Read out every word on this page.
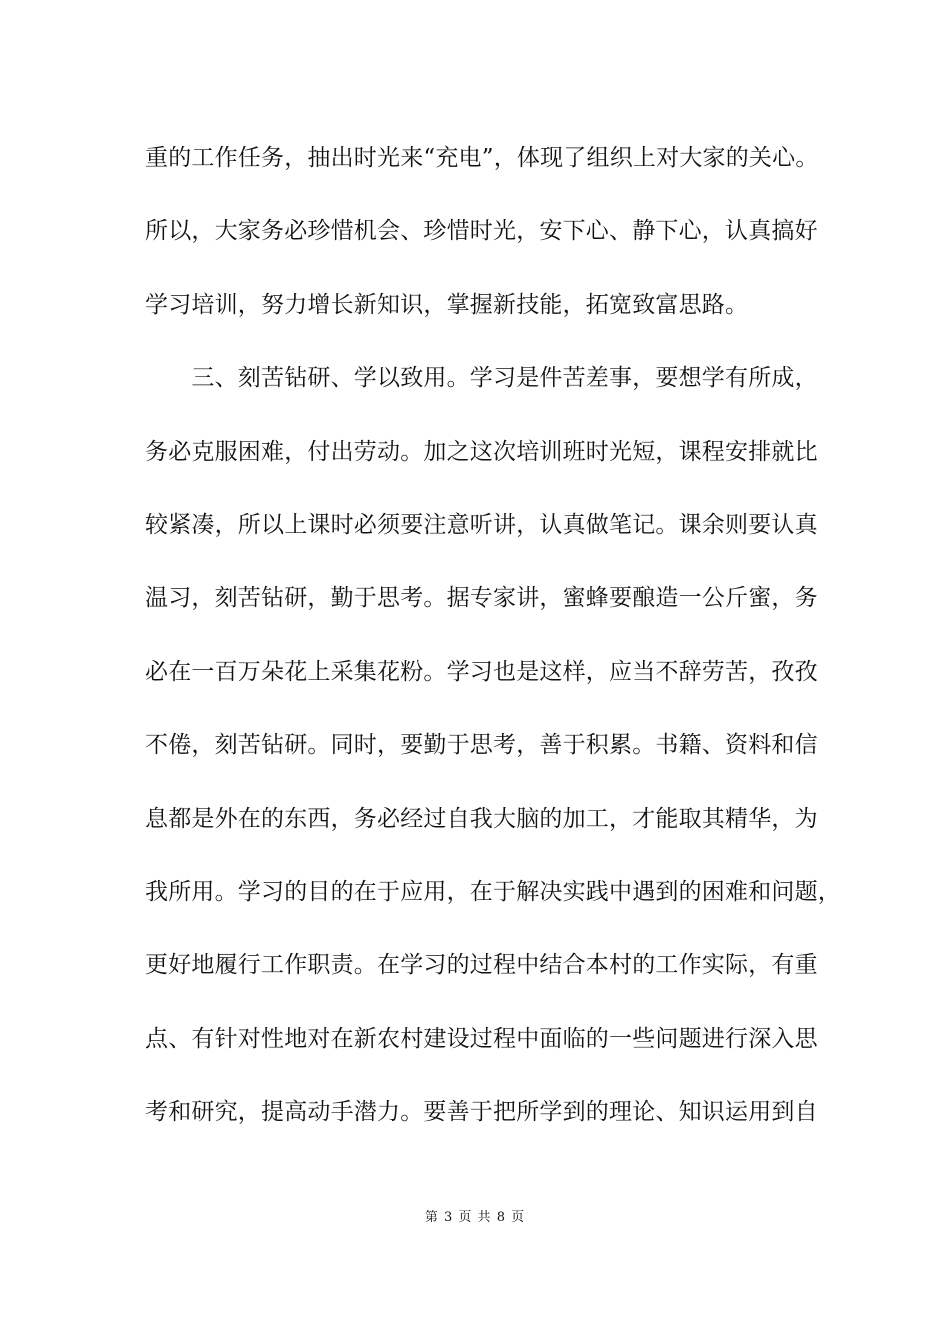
重的工作任务，抽出时光来“充电”，体现了组织上对大家的关心。
所以，大家务必珍惜机会、珍惜时光，安下心、静下心，认真搞好
学习培训，努力增长新知识，掌握新技能，拓宽致富思路。
　　三、刻苦钻研、学以致用。学习是件苦差事，要想学有所成，
务必克服困难，付出劳动。加之这次培训班时光短，课程安排就比
较紧凑，所以上课时必须要注意听讲，认真做笔记。课余则要认真
温习，刻苦钻研，勤于思考。据专家讲，蜜蜂要酿造一公斤蜜，务
必在一百万朵花上采集花粉。学习也是这样，应当不辞劳苦，孜孜
不倦，刻苦钻研。同时，要勤于思考，善于积累。书籍、资料和信
息都是外在的东西，务必经过自我大脑的加工，才能取其精华，为
我所用。学习的目的在于应用，在于解决实践中遇到的困难和问题，
更好地履行工作职责。在学习的过程中结合本村的工作实际，有重
点、有针对性地对在新农村建设过程中面临的一些问题进行深入思
考和研究，提高动手潜力。要善于把所学到的理论、知识运用到自
第 3 页 共 8 页
